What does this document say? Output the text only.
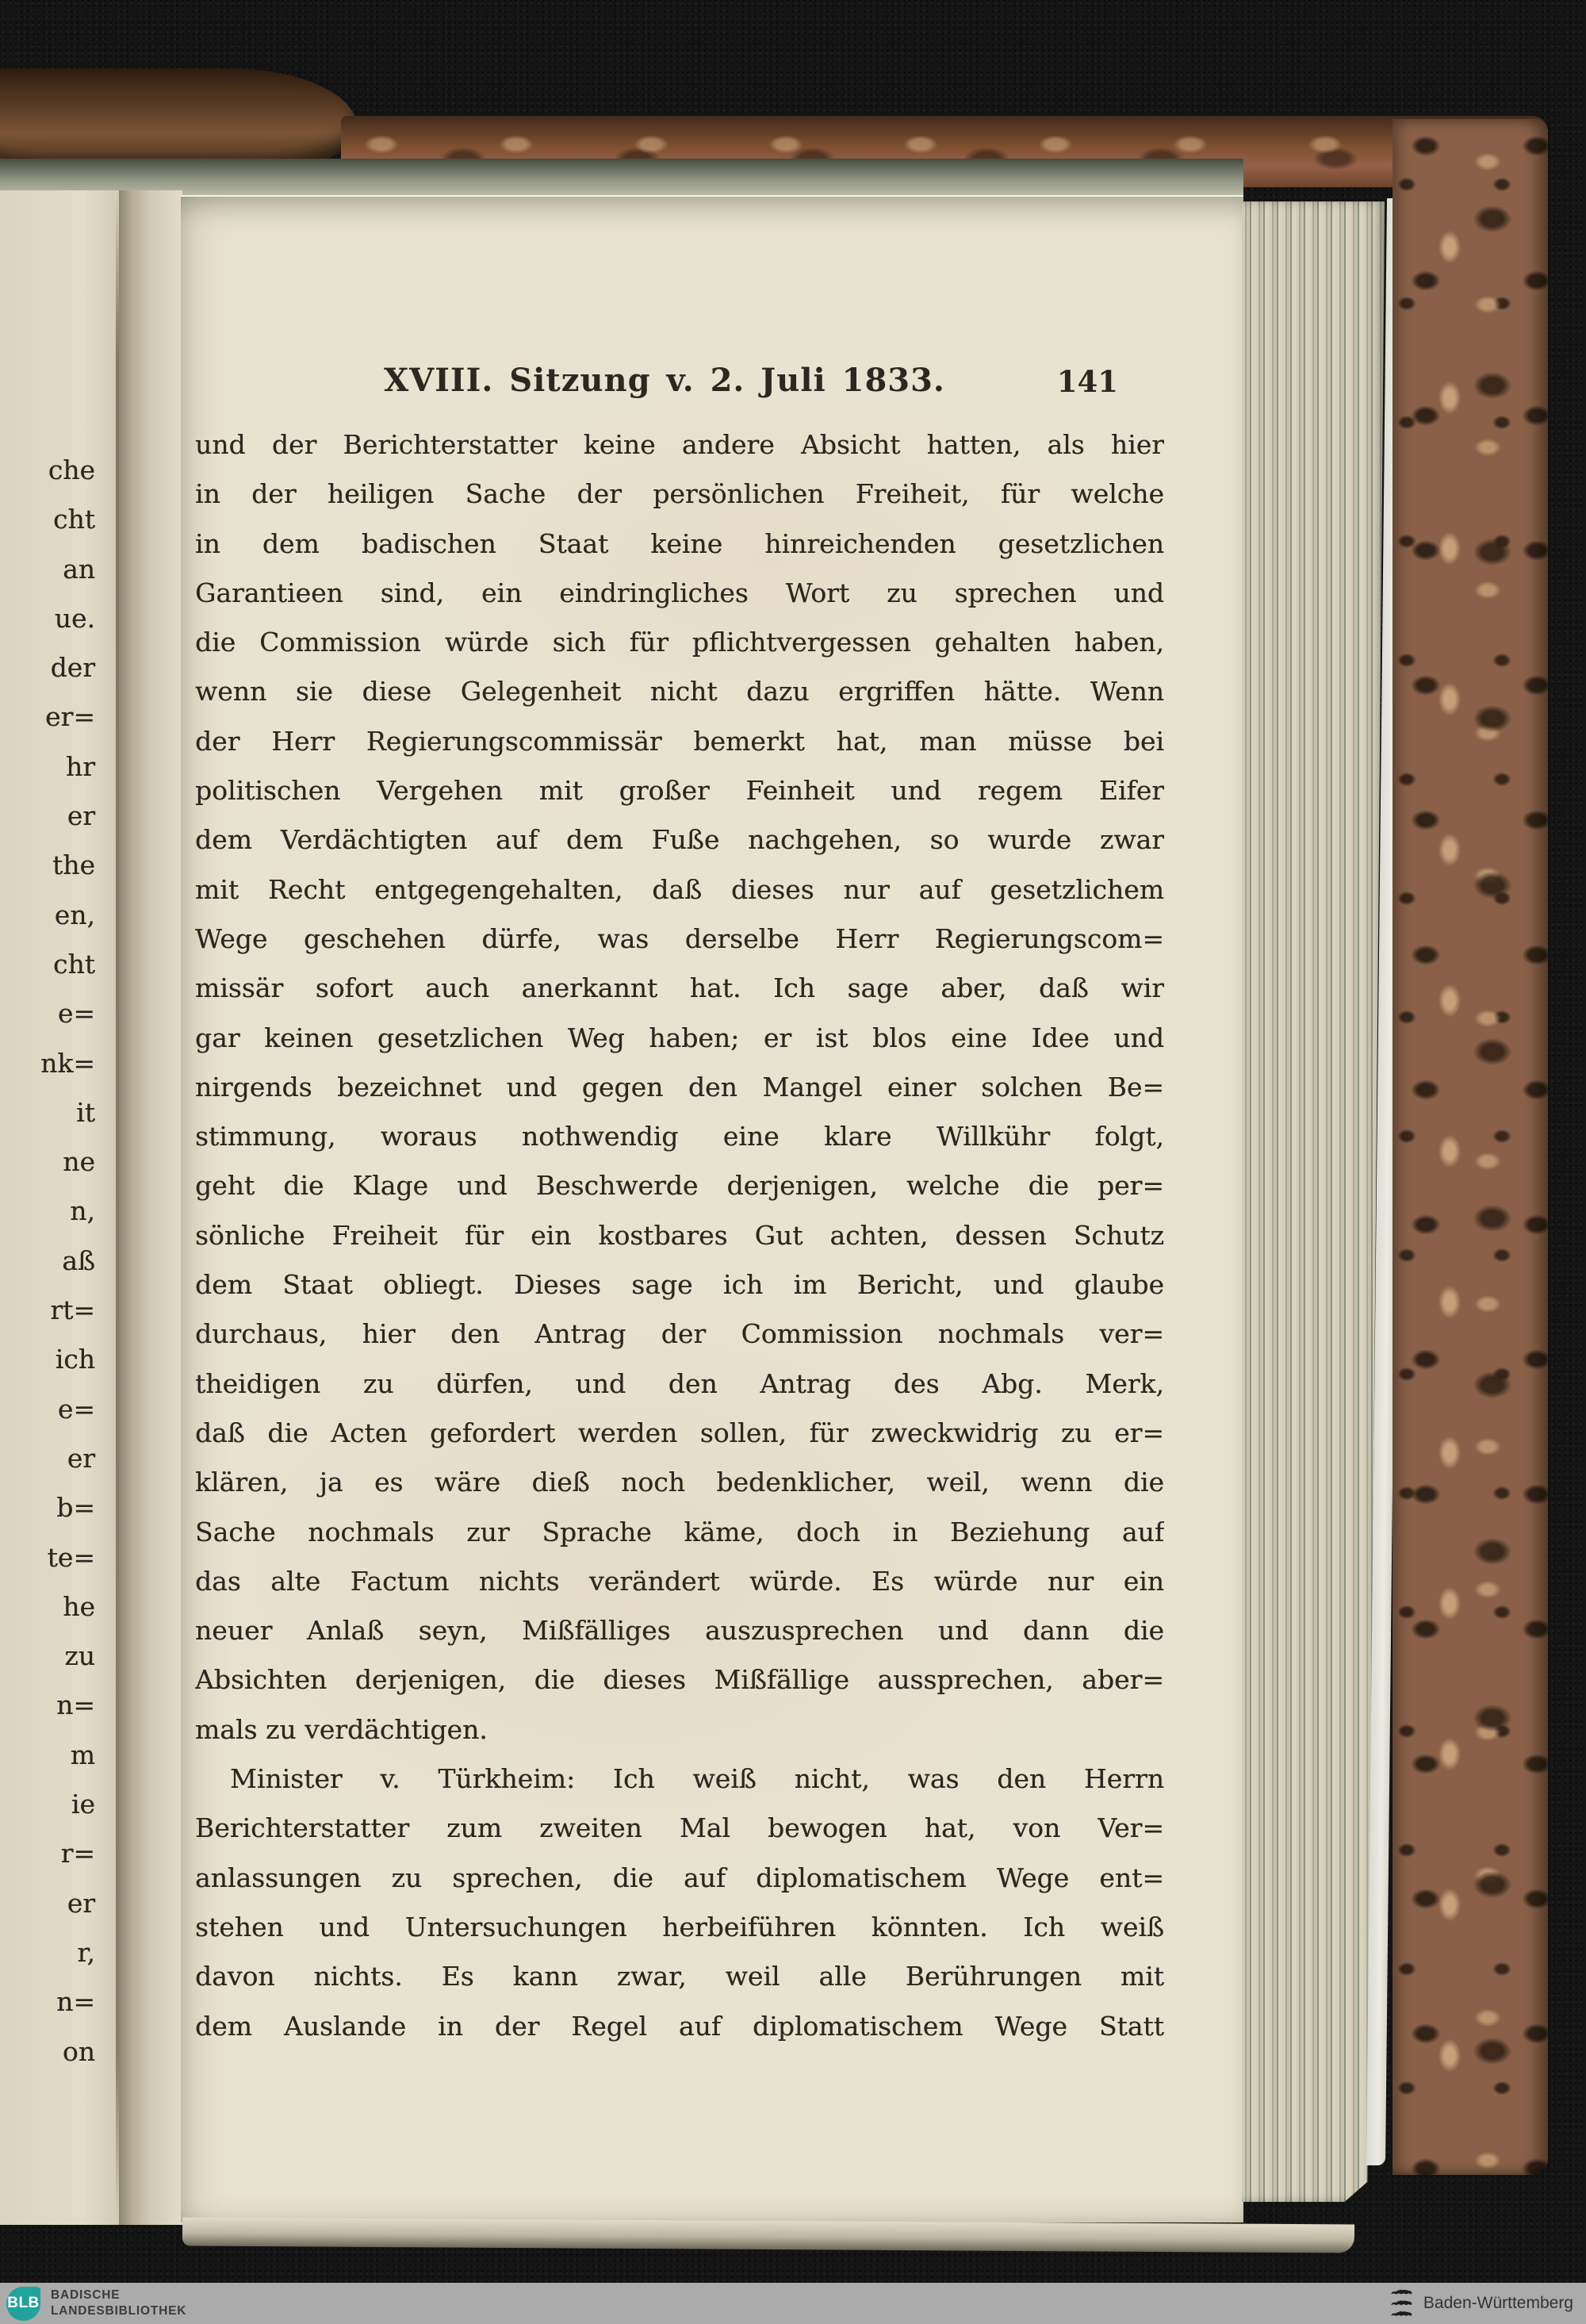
che
cht
an
ue.
der
er=
hr
er
the
en,
cht
e=
nk=
it
ne
n,
aß
rt=
ich
e=
er
b=
te=
he
zu
n=
m
ie
r=
er
r,
n=
on
XVIII. Sitzung v. 2. Juli 1833.	141
und der Berichterstatter keine andere Absicht hatten, als hier
in der heiligen Sache der persönlichen Freiheit, für welche
in dem badischen Staat keine hinreichenden gesetzlichen
Garantieen sind, ein eindringliches Wort zu sprechen und
die Commission würde sich für pflichtvergessen gehalten haben,
wenn sie diese Gelegenheit nicht dazu ergriffen hätte. Wenn
der Herr Regierungscommissär bemerkt hat, man müsse bei
politischen Vergehen mit großer Feinheit und regem Eifer
dem Verdächtigten auf dem Fuße nachgehen, so wurde zwar
mit Recht entgegengehalten, daß dieses nur auf gesetzlichem
Wege geschehen dürfe, was derselbe Herr Regierungscom=
missär sofort auch anerkannt hat. Ich sage aber, daß wir
gar keinen gesetzlichen Weg haben; er ist blos eine Idee und
nirgends bezeichnet und gegen den Mangel einer solchen Be=
stimmung, woraus nothwendig eine klare Willkühr folgt,
geht die Klage und Beschwerde derjenigen, welche die per=
sönliche Freiheit für ein kostbares Gut achten, dessen Schutz
dem Staat obliegt. Dieses sage ich im Bericht, und glaube
durchaus, hier den Antrag der Commission nochmals ver=
theidigen zu dürfen, und den Antrag des Abg. Merk,
daß die Acten gefordert werden sollen, für zweckwidrig zu er=
klären, ja es wäre dieß noch bedenklicher, weil, wenn die
Sache nochmals zur Sprache käme, doch in Beziehung auf
das alte Factum nichts verändert würde. Es würde nur ein
neuer Anlaß seyn, Mißfälliges auszusprechen und dann die
Absichten derjenigen, die dieses Mißfällige aussprechen, aber=
mals zu verdächtigen.
Minister v. Türkheim: Ich weiß nicht, was den Herrn
Berichterstatter zum zweiten Mal bewogen hat, von Ver=
anlassungen zu sprechen, die auf diplomatischem Wege ent=
stehen und Untersuchungen herbeiführen könnten. Ich weiß
davon nichts. Es kann zwar, weil alle Berührungen mit
dem Auslande in der Regel auf diplomatischem Wege Statt
BLB BADISCHE
LANDESBIBLIOTHEK	Baden-Württemberg
